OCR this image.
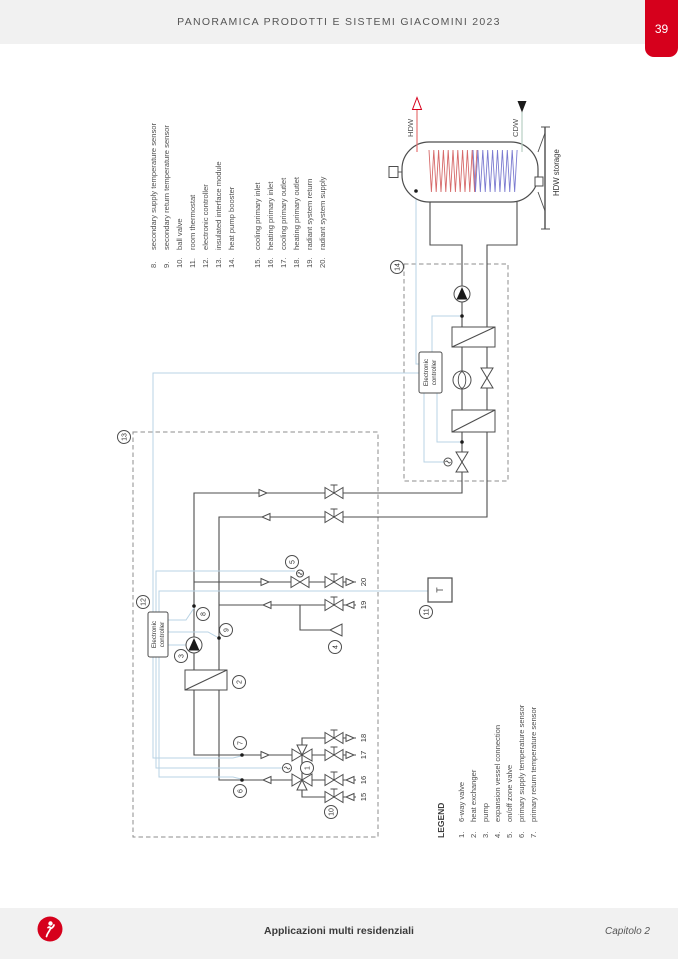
PANORAMICA PRODOTTI E SISTEMI GIACOMINI 2023	39
HDW	CDW
HDW storage
Electronic controller
Electronic controller
T
13
14
12
8
9
3
2
5
4
11
1
10
6
7
20
19
18
17
16
15
8.
secondary supply temperature sensor
9.
secondary return temperature sensor
10.
ball valve
11.
room thermostat
12.
electronic controller
13.
insulated interface module
14.
heat pump booster
15.
cooling primary inlet
16.
heating primary inlet
17.
cooling primary outlet
18.
heating primary outlet
19.
radiant system return
20.
radiant system supply
LEGEND 1.
6-way valve
2.
heat exchanger
3.
pump
4.
expansion vessel connection
5.
on/off zone valve
6.
primary supply temperature sensor
7.
primary return temperature sensor
Applicazioni multi residenziali	Capitolo 2
